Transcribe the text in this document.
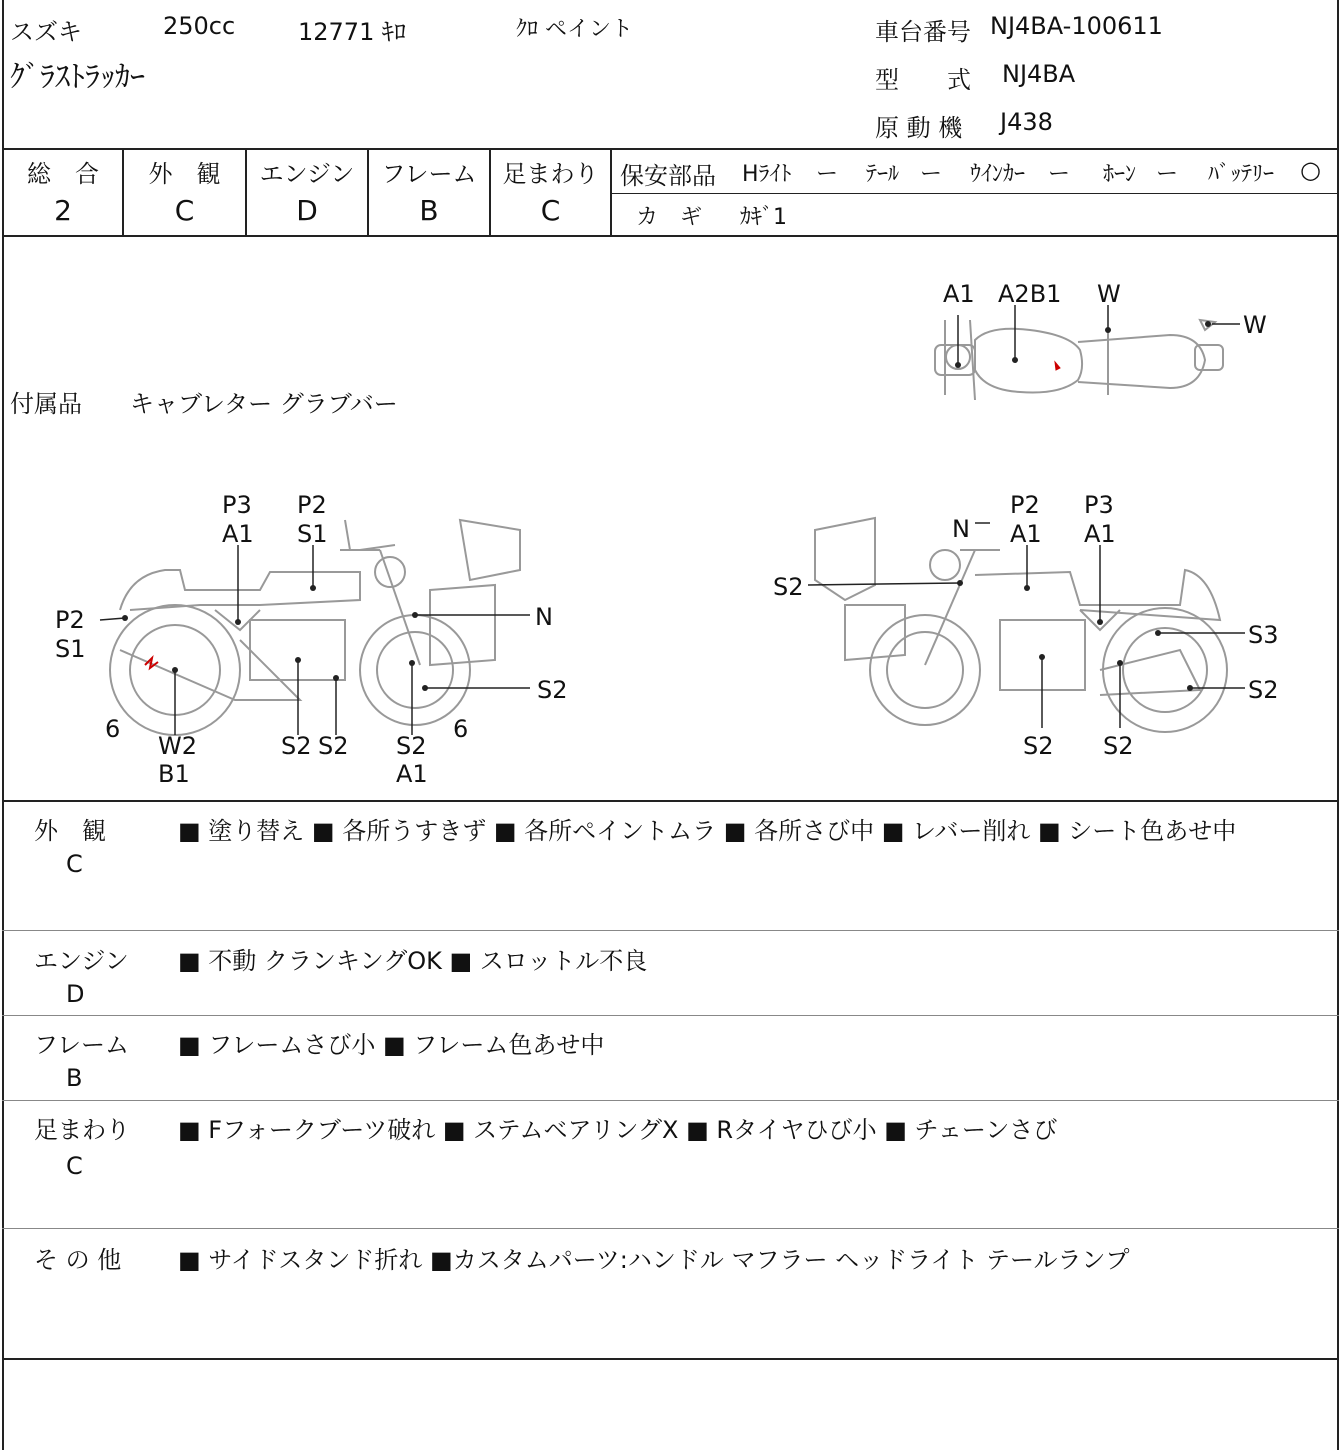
スズキ	250cc	12771 ｷﾛ	ｸﾛ ペイント
ｸﾞﾗｽﾄﾗｯｶｰ
車台番号 NJ4BA-100611
型　　式 NJ4BA
原 動 機 J438
総　合
2
外　観
C
エンジン
D
フレーム
B
足まわり
C
保安部品 Hﾗｲﾄ ー ﾃｰﾙ ー ｳｲﾝｶｰ ー ﾎｰﾝ ー ﾊﾞｯﾃﾘｰ ○
カ　ギ ｶｷﾞ1
付属品 キャブレター グラブバー
A1 A2B1 W
W
P3
A1
P2
S1
P2
S1
N
S2
6	6
W2
B1
S2 S2 S2
A1
N
P2
A1
P3
A1
S2
S3
S2
S2 S2
外　観
C
■ 塗り替え ■ 各所うすきず ■ 各所ペイントムラ ■ 各所さび中 ■ レバー削れ ■ シート色あせ中
エンジン
D
■ 不動 クランキングOK ■ スロットル不良
フレーム
B
■ フレームさび小 ■ フレーム色あせ中
足まわり
C
■ Fフォークブーツ破れ ■ ステムベアリングX ■ Rタイヤひび小 ■ チェーンさび
そ の 他 ■ サイドスタンド折れ ■カスタムパーツ:ハンドル マフラー ヘッドライト テールランプ
